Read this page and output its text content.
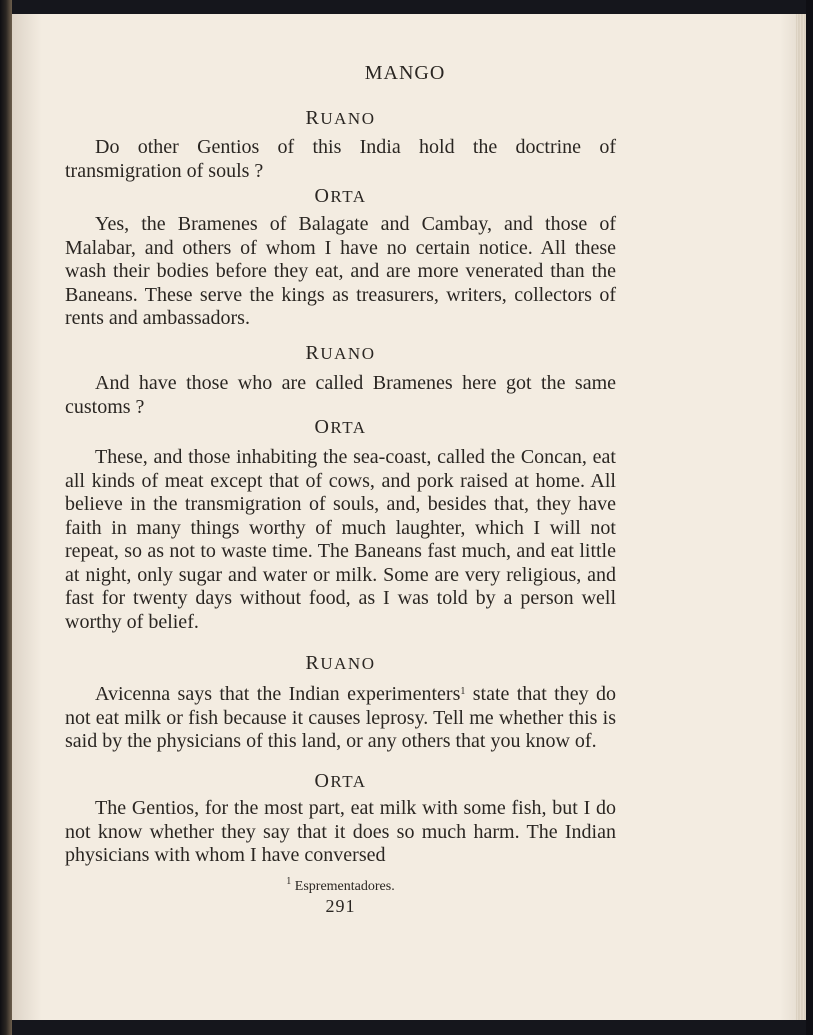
MANGO
RUANO
Do other Gentios of this India hold the doctrine of transmigration of souls ?
ORTA
Yes, the Bramenes of Balagate and Cambay, and those of Malabar, and others of whom I have no certain notice. All these wash their bodies before they eat, and are more venerated than the Baneans. These serve the kings as treasurers, writers, collectors of rents and ambassadors.
RUANO
And have those who are called Bramenes here got the same customs ?
ORTA
These, and those inhabiting the sea-coast, called the Concan, eat all kinds of meat except that of cows, and pork raised at home. All believe in the transmigration of souls, and, besides that, they have faith in many things worthy of much laughter, which I will not repeat, so as not to waste time. The Baneans fast much, and eat little at night, only sugar and water or milk. Some are very religious, and fast for twenty days without food, as I was told by a person well worthy of belief.
RUANO
Avicenna says that the Indian experimenters$^1$ state that they do not eat milk or fish because it causes leprosy. Tell me whether this is said by the physicians of this land, or any others that you know of.
ORTA
The Gentios, for the most part, eat milk with some fish, but I do not know whether they say that it does so much harm. The Indian physicians with whom I have conversed
$^1$ Esprementadores.
291
